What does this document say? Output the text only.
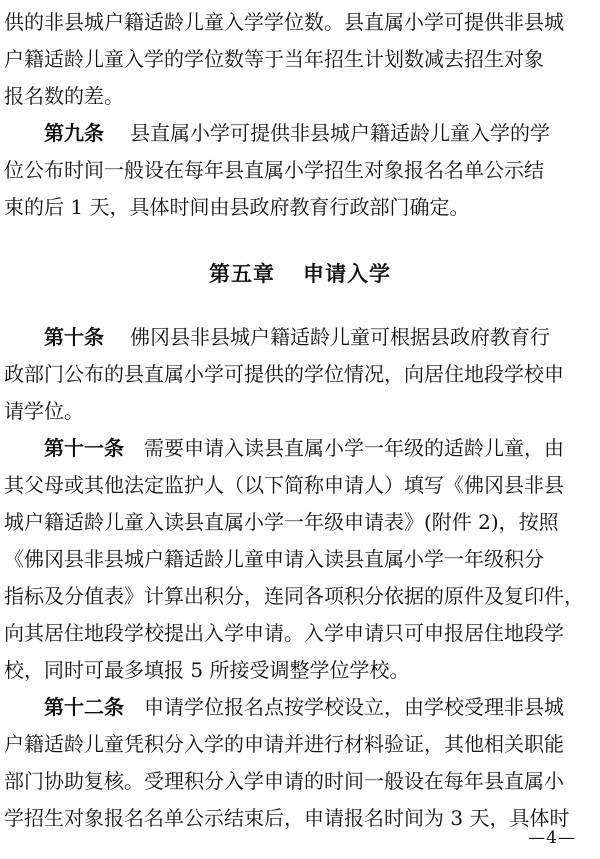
供的非县城户籍适龄儿童入学学位数。县直属小学可提供非县城
户籍适龄儿童入学的学位数等于当年招生计划数减去招生对象
报名数的差。
第九条 县直属小学可提供非县城户籍适龄儿童入学的学
位公布时间一般设在每年县直属小学招生对象报名名单公示结
束的后 1 天，具体时间由县政府教育行政部门确定。
第五章 申请入学
第十条 佛冈县非县城户籍适龄儿童可根据县政府教育行
政部门公布的县直属小学可提供的学位情况，向居住地段学校申
请学位。
第十一条 需要申请入读县直属小学一年级的适龄儿童，由
其父母或其他法定监护人（以下简称申请人）填写《佛冈县非县
城户籍适龄儿童入读县直属小学一年级申请表》(附件 2)，按照
《佛冈县非县城户籍适龄儿童申请入读县直属小学一年级积分
指标及分值表》计算出积分，连同各项积分依据的原件及复印件，
向其居住地段学校提出入学申请。入学申请只可申报居住地段学
校，同时可最多填报 5 所接受调整学位学校。
第十二条 申请学位报名点按学校设立，由学校受理非县城
户籍适龄儿童凭积分入学的申请并进行材料验证，其他相关职能
部门协助复核。受理积分入学申请的时间一般设在每年县直属小
学招生对象报名名单公示结束后，申请报名时间为 3 天，具体时
—4—
